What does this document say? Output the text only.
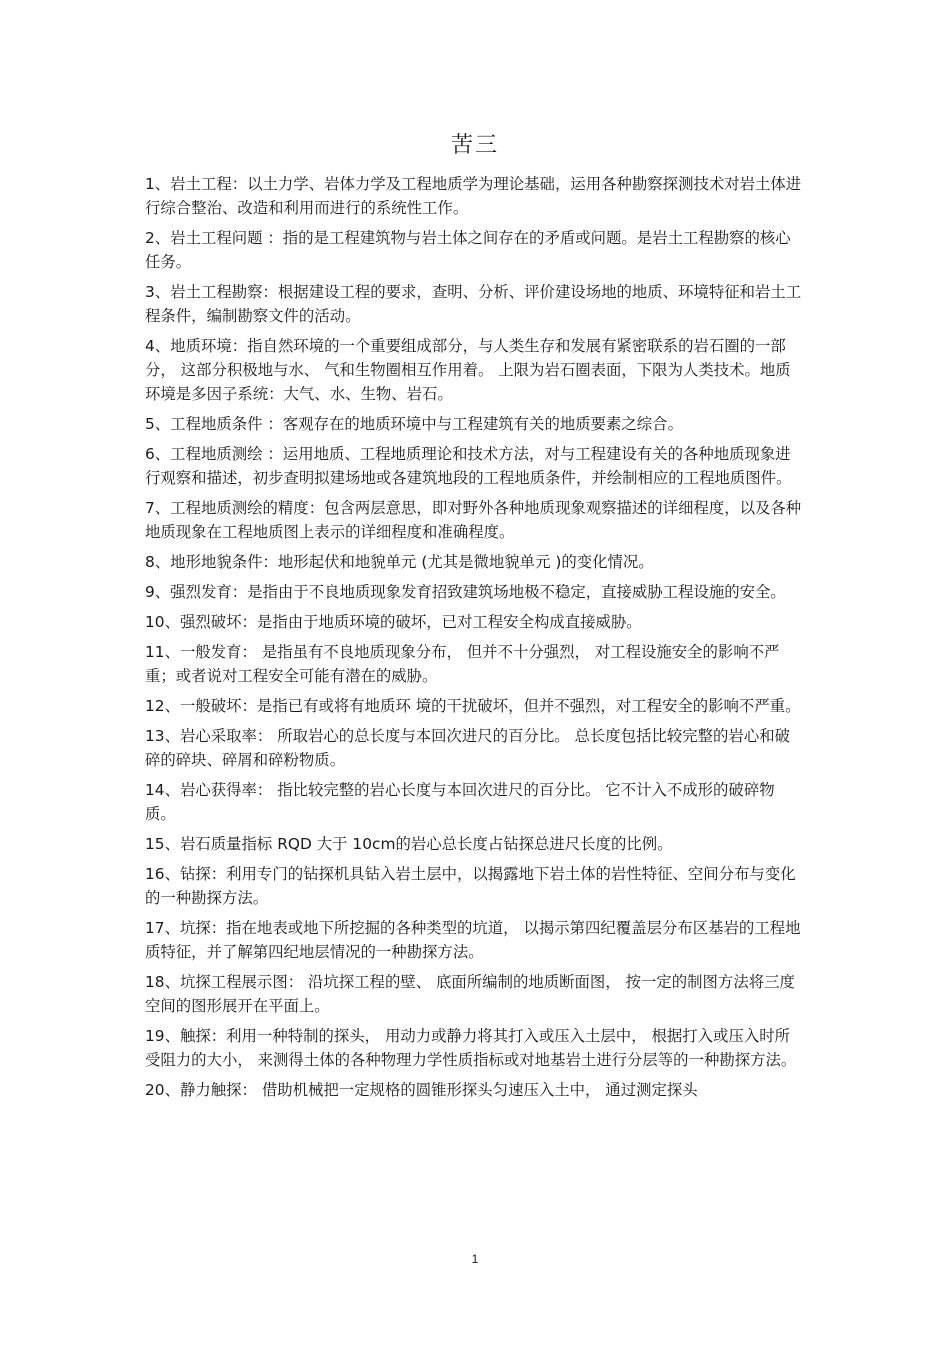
苦三
1、岩土工程：以土力学、岩体力学及工程地质学为理论基础，运用各种勘察探测技术对岩土体进行综合整治、改造和利用而进行的系统性工作。
2、岩土工程问题 ：指的是工程建筑物与岩土体之间存在的矛盾或问题。是岩土工程勘察的核心任务。
3、岩土工程勘察：根据建设工程的要求，查明、分析、评价建设场地的地质、环境特征和岩土工程条件，编制勘察文件的活动。
4、地质环境：指自然环境的一个重要组成部分，与人类生存和发展有紧密联系的岩石圈的一部分， 这部分积极地与水、 气和生物圈相互作用着。 上限为岩石圈表面，下限为人类技术。地质环境是多因子系统：大气、水、生物、岩石。
5、工程地质条件 ：客观存在的地质环境中与工程建筑有关的地质要素之综合。
6、工程地质测绘 ：运用地质、工程地质理论和技术方法，对与工程建设有关的各种地质现象进行观察和描述，初步查明拟建场地或各建筑地段的工程地质条件，并绘制相应的工程地质图件。
7、工程地质测绘的精度：包含两层意思，即对野外各种地质现象观察描述的详细程度，以及各种地质现象在工程地质图上表示的详细程度和准确程度。
8、地形地貌条件：地形起伏和地貌单元 (尤其是微地貌单元 )的变化情况。
9、强烈发育：是指由于不良地质现象发育招致建筑场地极不稳定，直接威胁工程设施的安全。
10、强烈破坏：是指由于地质环境的破坏，已对工程安全构成直接威胁。
11、一般发育： 是指虽有不良地质现象分布， 但并不十分强烈， 对工程设施安全的影响不严重；或者说对工程安全可能有潜在的威胁。
12、一般破坏：是指已有或将有地质环 境的干扰破坏，但并不强烈，对工程安全的影响不严重。
13、岩心采取率： 所取岩心的总长度与本回次进尺的百分比。 总长度包括比较完整的岩心和破碎的碎块、碎屑和碎粉物质。
14、岩心获得率： 指比较完整的岩心长度与本回次进尺的百分比。 它不计入不成形的破碎物质。
15、岩石质量指标 RQD 大于 10cm的岩心总长度占钻探总进尺长度的比例。
16、钻探：利用专门的钻探机具钻入岩土层中，以揭露地下岩土体的岩性特征、空间分布与变化的一种勘探方法。
17、坑探：指在地表或地下所挖掘的各种类型的坑道， 以揭示第四纪覆盖层分布区基岩的工程地质特征，并了解第四纪地层情况的一种勘探方法。
18、坑探工程展示图： 沿坑探工程的壁、 底面所编制的地质断面图， 按一定的制图方法将三度空间的图形展开在平面上。
19、触探：利用一种特制的探头， 用动力或静力将其打入或压入土层中， 根据打入或压入时所受阻力的大小， 来测得土体的各种物理力学性质指标或对地基岩土进行分层等的一种勘探方法。
20、静力触探： 借助机械把一定规格的圆锥形探头匀速压入土中， 通过测定探头
1
